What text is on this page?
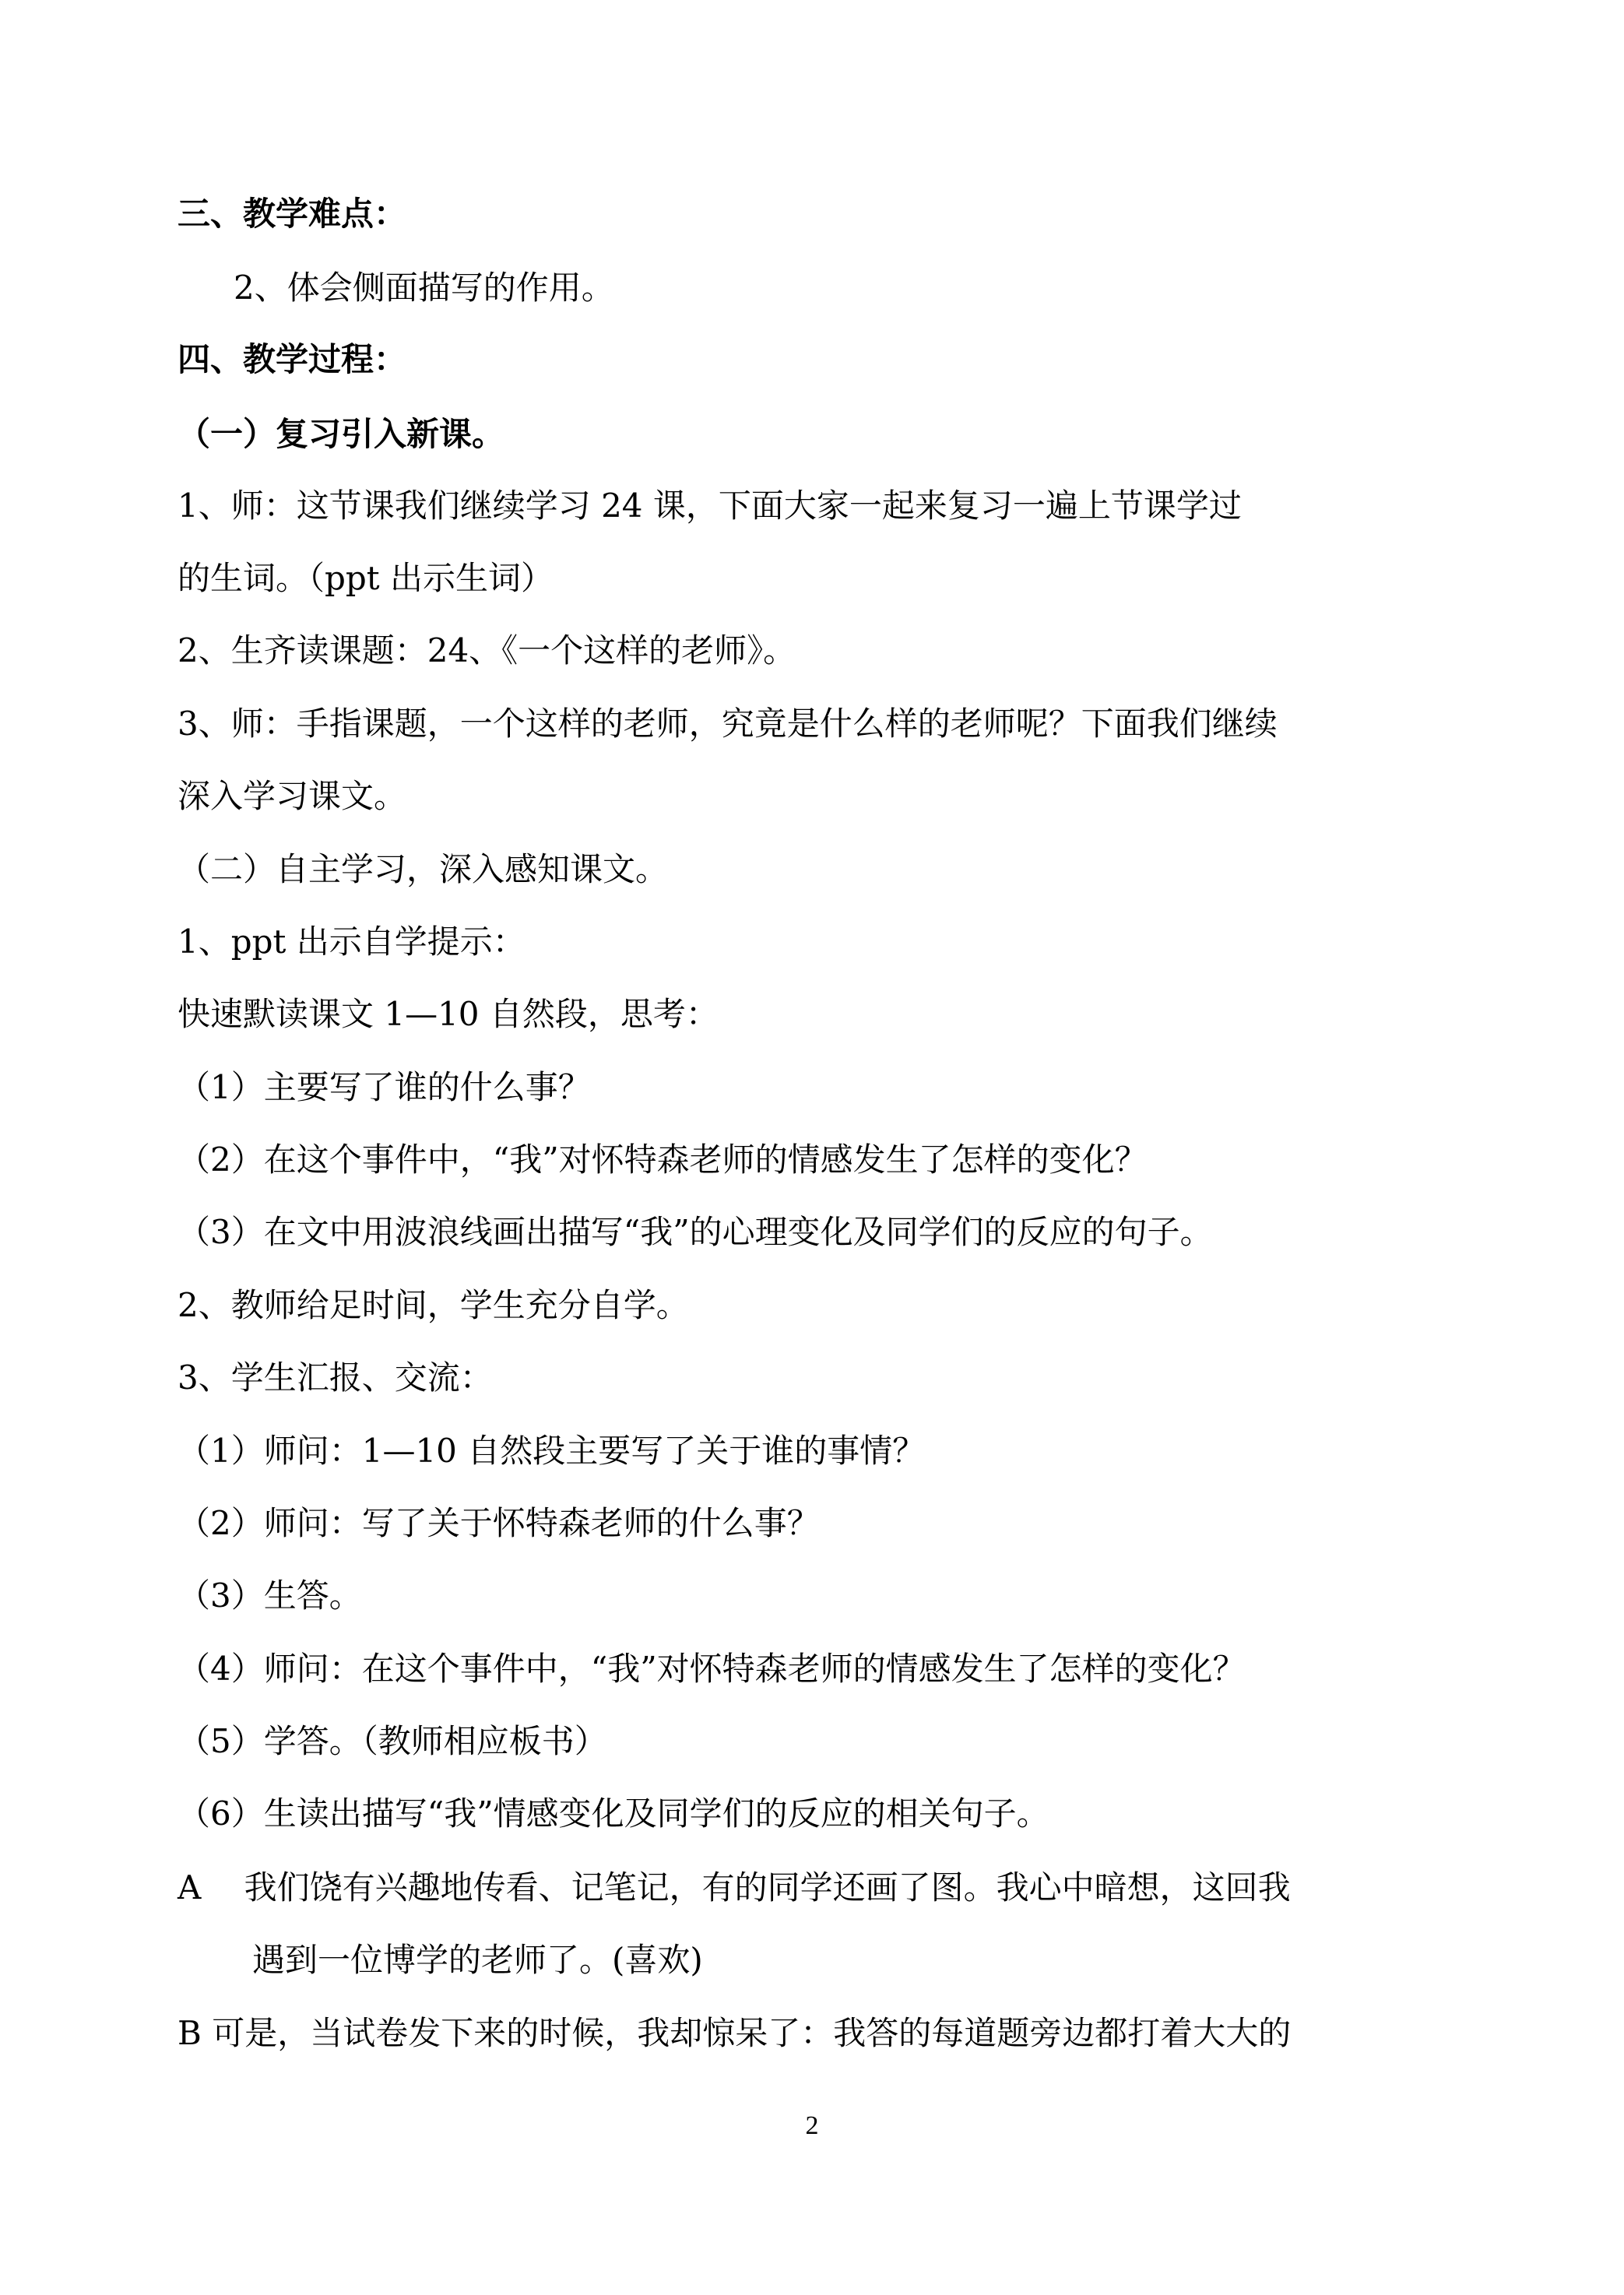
三、教学难点：
2、体会侧面描写的作用。
四、教学过程：
（一）复习引入新课。
1、师：这节课我们继续学习 24 课，下面大家一起来复习一遍上节课学过
的生词。（ppt 出示生词）
2、生齐读课题：24、《一个这样的老师》。
3、师：手指课题，一个这样的老师，究竟是什么样的老师呢？下面我们继续
深入学习课文。
（二）自主学习，深入感知课文。
1、ppt 出示自学提示：
快速默读课文 1—10 自然段，思考：
（1）主要写了谁的什么事？
（2）在这个事件中，“我”对怀特森老师的情感发生了怎样的变化？
（3）在文中用波浪线画出描写“我”的心理变化及同学们的反应的句子。
2、教师给足时间，学生充分自学。
3、学生汇报、交流：
（1）师问：1—10 自然段主要写了关于谁的事情？
（2）师问：写了关于怀特森老师的什么事？
（3）生答。
（4）师问：在这个事件中，“我”对怀特森老师的情感发生了怎样的变化？
（5）学答。（教师相应板书）
（6）生读出描写“我”情感变化及同学们的反应的相关句子。
A　 我们饶有兴趣地传看、记笔记，有的同学还画了图。我心中暗想，这回我
遇到一位博学的老师了。(喜欢)
B 可是，当试卷发下来的时候，我却惊呆了：我答的每道题旁边都打着大大的
2
